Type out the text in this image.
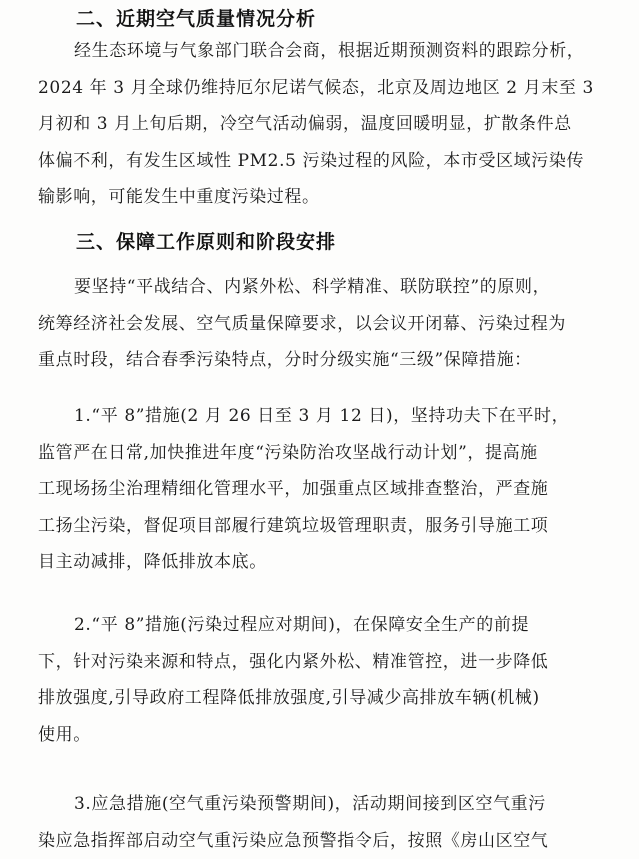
二、近期空气质量情况分析
经生态环境与气象部门联合会商，根据近期预测资料的跟踪分析，
2024 年 3 月全球仍维持厄尔尼诺气候态，北京及周边地区 2 月末至 3
月初和 3 月上旬后期，冷空气活动偏弱，温度回暖明显，扩散条件总
体偏不利，有发生区域性 PM2.5 污染过程的风险，本市受区域污染传
输影响，可能发生中重度污染过程。
三、保障工作原则和阶段安排
要坚持“平战结合、内紧外松、科学精准、联防联控”的原则，
统筹经济社会发展、空气质量保障要求，以会议开闭幕、污染过程为
重点时段，结合春季污染特点，分时分级实施“三级”保障措施：
1.“平 8”措施(2 月 26 日至 3 月 12 日)，坚持功夫下在平时，
监管严在日常,加快推进年度“污染防治攻坚战行动计划”，提高施
工现场扬尘治理精细化管理水平，加强重点区域排查整治，严查施
工扬尘污染，督促项目部履行建筑垃圾管理职责，服务引导施工项
目主动减排，降低排放本底。
2.“平 8”措施(污染过程应对期间)，在保障安全生产的前提
下，针对污染来源和特点，强化内紧外松、精准管控，进一步降低
排放强度,引导政府工程降低排放强度,引导减少高排放车辆(机械)
使用。
3.应急措施(空气重污染预警期间)，活动期间接到区空气重污
染应急指挥部启动空气重污染应急预警指令后，按照《房山区空气
